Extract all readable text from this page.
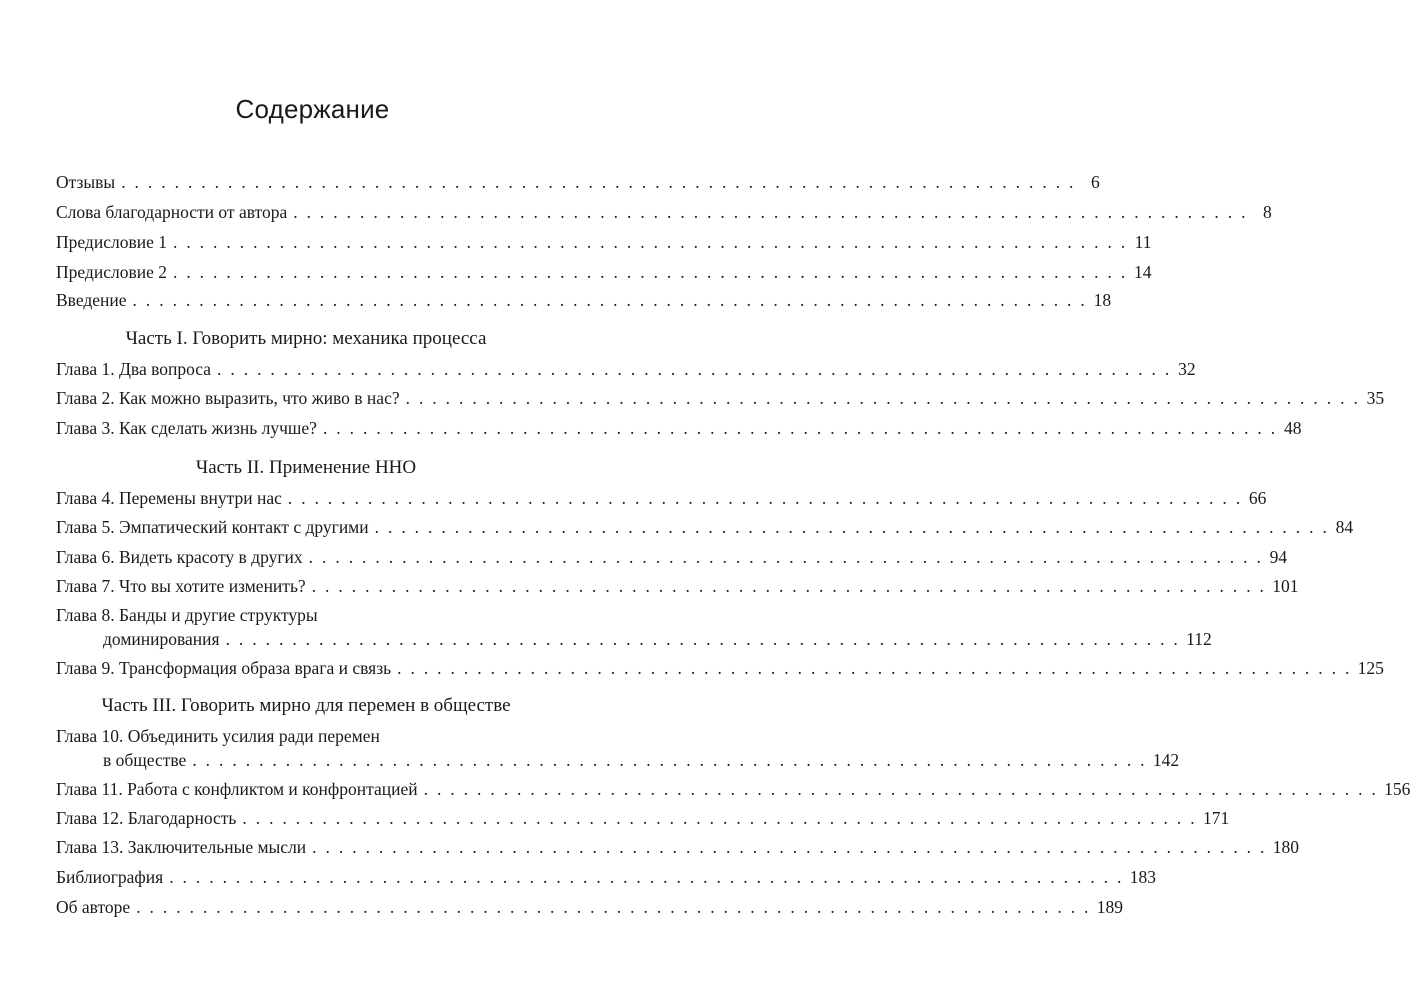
Содержание
Отзывы . . . . . . . . . . . . . . . . . . . . . . . . . . . . . . . . . . . . . . . . . . . . . . . . . . . . . . . . . . . . . . . . . . . . . . . . 6
Слова благодарности от автора . . . . . . . . . . . . . . . . . . . . . . . . . . . . . . . . . . . . . . . . . . . . . . . . . . . . . . . . . . . . . . . . . . . . . . . . 8
Предисловие 1 . . . . . . . . . . . . . . . . . . . . . . . . . . . . . . . . . . . . . . . . . . . . . . . . . . . . . . . . . . . . . . . . . . . . . . . . 11
Предисловие 2 . . . . . . . . . . . . . . . . . . . . . . . . . . . . . . . . . . . . . . . . . . . . . . . . . . . . . . . . . . . . . . . . . . . . . . . . 14
Введение . . . . . . . . . . . . . . . . . . . . . . . . . . . . . . . . . . . . . . . . . . . . . . . . . . . . . . . . . . . . . . . . . . . . . . . . 18
Часть I. Говорить мирно: механика процесса
Глава 1. Два вопроса . . . . . . . . . . . . . . . . . . . . . . . . . . . . . . . . . . . . . . . . . . . . . . . . . . . . . . . . . . . . . . . . . . . . . . . . 32
Глава 2. Как можно выразить, что живо в нас? . . . . . . . . . . . . . . . . . . . . . . . . . . . . . . . . . . . . . . . . . . . . . . . . . . . . . . . . . . . . . . . . . . . . . . . . 35
Глава 3. Как сделать жизнь лучше? . . . . . . . . . . . . . . . . . . . . . . . . . . . . . . . . . . . . . . . . . . . . . . . . . . . . . . . . . . . . . . . . . . . . . . . . 48
Часть II. Применение ННО
Глава 4. Перемены внутри нас . . . . . . . . . . . . . . . . . . . . . . . . . . . . . . . . . . . . . . . . . . . . . . . . . . . . . . . . . . . . . . . . . . . . . . . . 66
Глава 5. Эмпатический контакт с другими . . . . . . . . . . . . . . . . . . . . . . . . . . . . . . . . . . . . . . . . . . . . . . . . . . . . . . . . . . . . . . . . . . . . . . . . 84
Глава 6. Видеть красоту в других . . . . . . . . . . . . . . . . . . . . . . . . . . . . . . . . . . . . . . . . . . . . . . . . . . . . . . . . . . . . . . . . . . . . . . . . 94
Глава 7. Что вы хотите изменить? . . . . . . . . . . . . . . . . . . . . . . . . . . . . . . . . . . . . . . . . . . . . . . . . . . . . . . . . . . . . . . . . . . . . . . . . 101
Глава 8. Банды и другие структуры
доминирования . . . . . . . . . . . . . . . . . . . . . . . . . . . . . . . . . . . . . . . . . . . . . . . . . . . . . . . . . . . . . . . . . . . . . . . . 112
Глава 9. Трансформация образа врага и связь . . . . . . . . . . . . . . . . . . . . . . . . . . . . . . . . . . . . . . . . . . . . . . . . . . . . . . . . . . . . . . . . . . . . . . . . 125
Часть III. Говорить мирно для перемен в обществе
Глава 10. Объединить усилия ради перемен
в обществе . . . . . . . . . . . . . . . . . . . . . . . . . . . . . . . . . . . . . . . . . . . . . . . . . . . . . . . . . . . . . . . . . . . . . . . . 142
Глава 11. Работа с конфликтом и конфронтацией . . . . . . . . . . . . . . . . . . . . . . . . . . . . . . . . . . . . . . . . . . . . . . . . . . . . . . . . . . . . . . . . . . . . . . . . 156
Глава 12. Благодарность . . . . . . . . . . . . . . . . . . . . . . . . . . . . . . . . . . . . . . . . . . . . . . . . . . . . . . . . . . . . . . . . . . . . . . . . 171
Глава 13. Заключительные мысли . . . . . . . . . . . . . . . . . . . . . . . . . . . . . . . . . . . . . . . . . . . . . . . . . . . . . . . . . . . . . . . . . . . . . . . . 180
Библиография . . . . . . . . . . . . . . . . . . . . . . . . . . . . . . . . . . . . . . . . . . . . . . . . . . . . . . . . . . . . . . . . . . . . . . . . 183
Об авторе . . . . . . . . . . . . . . . . . . . . . . . . . . . . . . . . . . . . . . . . . . . . . . . . . . . . . . . . . . . . . . . . . . . . . . . . 189
